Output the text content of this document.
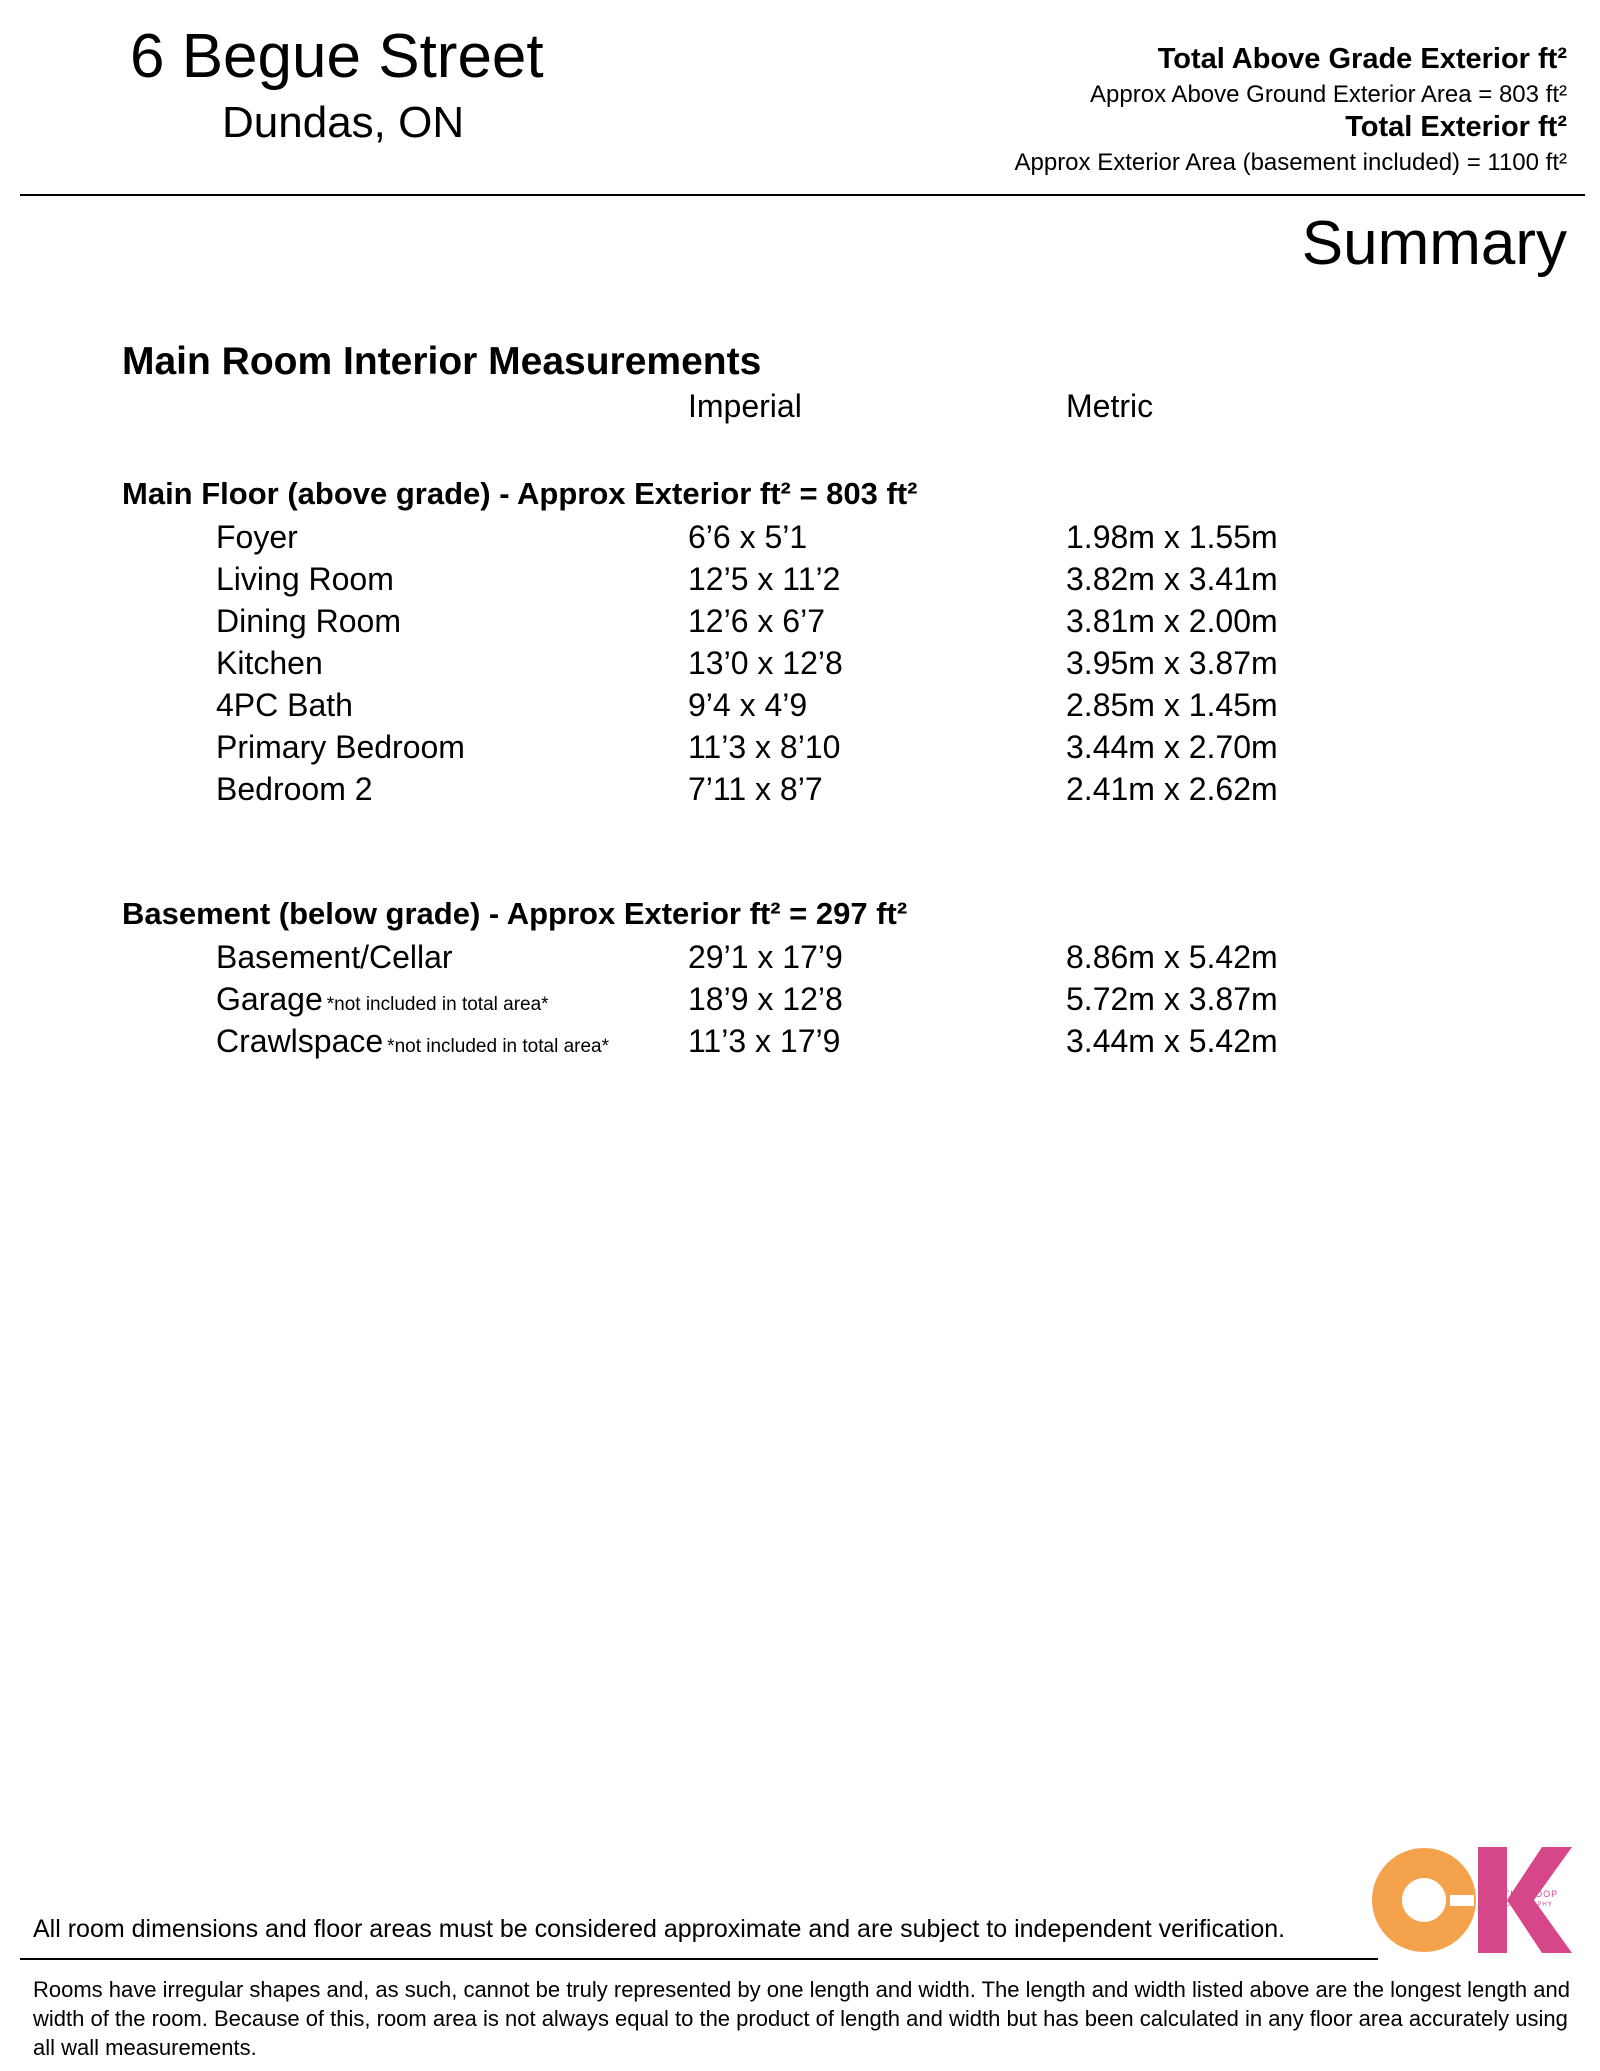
6 Begue Street
Dundas, ON
Total Above Grade Exterior ft²
Approx Above Ground Exterior Area = 803 ft²
Total Exterior ft²
Approx Exterior Area (basement included) = 1100 ft²
Summary
Main Room Interior Measurements
Imperial	Metric
Main Floor (above grade) - Approx Exterior ft² = 803 ft²
Foyer	6’6 x 5’1	1.98m x 1.55m
Living Room	12’5 x 11’2	3.82m x 3.41m
Dining Room	12’6 x 6’7	3.81m x 2.00m
Kitchen	13’0 x 12’8	3.95m x 3.87m
4PC Bath	9’4 x 4’9	2.85m x 1.45m
Primary Bedroom	11’3 x 8’10	3.44m x 2.70m
Bedroom 2	7’11 x 8’7	2.41m x 2.62m
Basement (below grade) - Approx Exterior ft² = 297 ft²
Basement/Cellar	29’1 x 17’9	8.86m x 5.42m
Garage *not included in total area*	18’9 x 12’8	5.72m x 3.87m
Crawlspace *not included in total area* 11’3 x 17’9	3.44m x 5.42m
All room dimensions and floor areas must be considered approximate and are subject to independent verification.
Rooms have irregular shapes and, as such, cannot be truly represented by one length and width. The length and width listed above are the longest length and width of the room. Because of this, room area is not always equal to the product of length and width but has been calculated in any floor area accurately using all wall measurements.
CATHY KOOP
PHOTOGRAPHY
